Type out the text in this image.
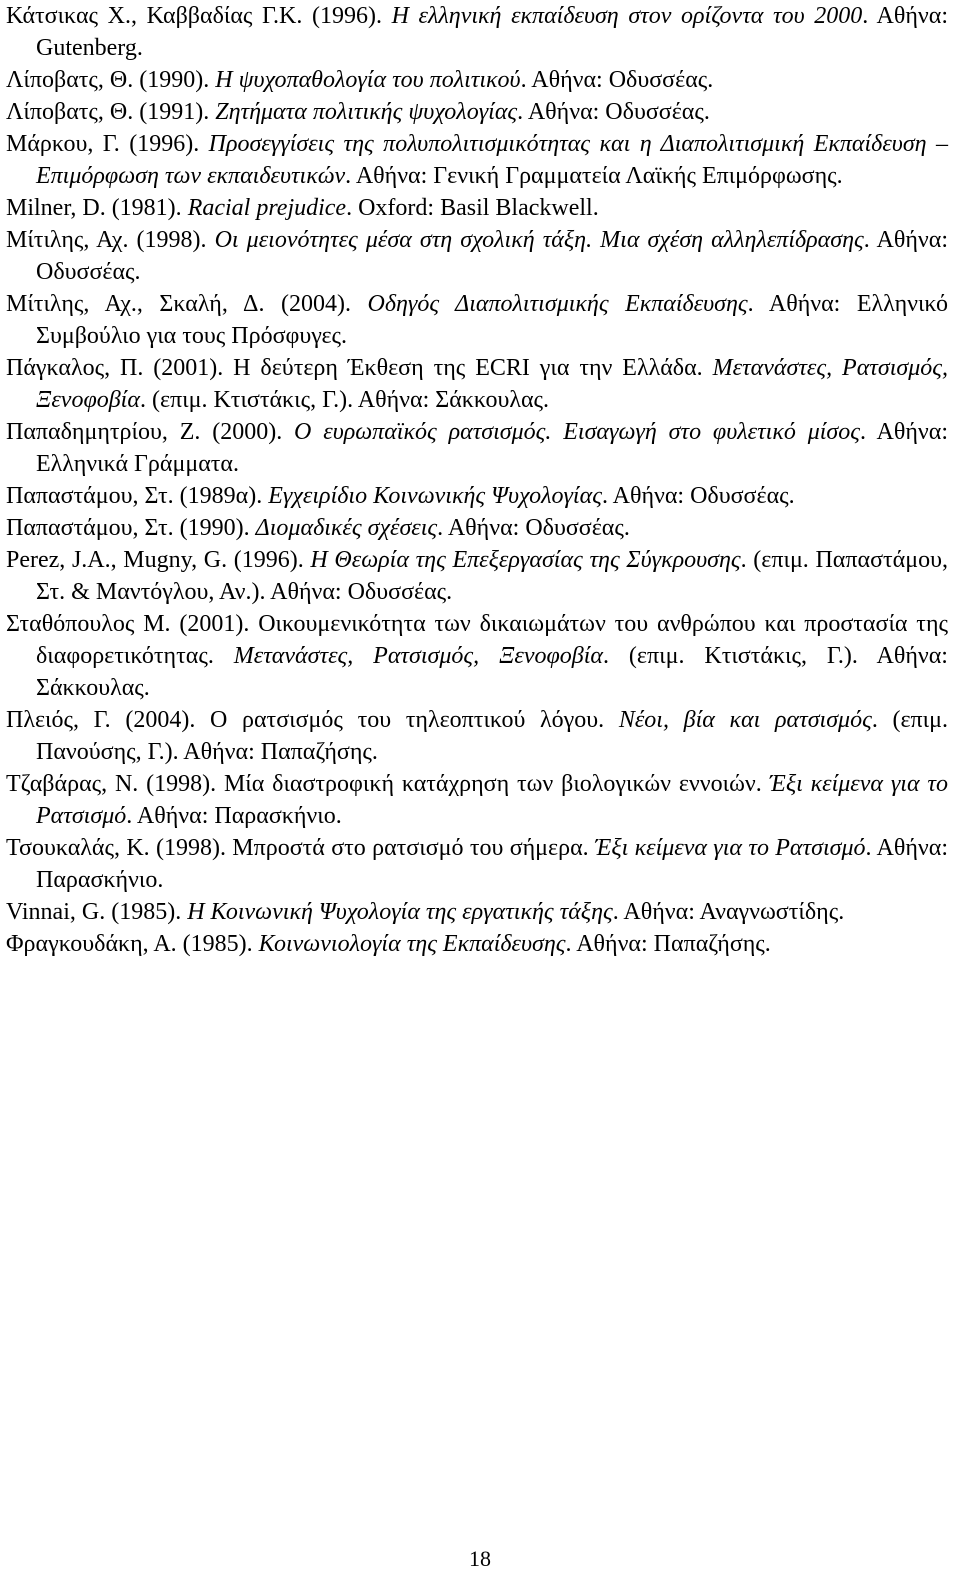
Κάτσικας Χ., Καββαδίας Γ.Κ. (1996). Η ελληνική εκπαίδευση στον ορίζοντα του 2000. Αθήνα: Gutenberg.

Λίποβατς, Θ. (1990). Η ψυχοπαθολογία του πολιτικού. Αθήνα: Οδυσσέας.

Λίποβατς, Θ. (1991). Ζητήματα πολιτικής ψυχολογίας. Αθήνα: Οδυσσέας.

Μάρκου, Γ. (1996). Προσεγγίσεις της πολυπολιτισμικότητας και η Διαπολιτισμική Εκπαίδευση – Επιμόρφωση των εκπαιδευτικών. Αθήνα: Γενική Γραμματεία Λαϊκής Επιμόρφωσης.

Milner, D. (1981). Racial prejudice. Oxford: Basil Blackwell.

Μίτιλης, Αχ. (1998). Οι μειονότητες μέσα στη σχολική τάξη. Μια σχέση αλληλεπίδρασης. Αθήνα: Οδυσσέας.

Μίτιλης, Αχ., Σκαλή, Δ. (2004). Οδηγός Διαπολιτισμικής Εκπαίδευσης. Αθήνα: Ελληνικό Συμβούλιο για τους Πρόσφυγες.

Πάγκαλος, Π. (2001). Η δεύτερη Έκθεση της ECRI για την Ελλάδα. Μετανάστες, Ρατσισμός, Ξενοφοβία. (επιμ. Κτιστάκις, Γ.). Αθήνα: Σάκκουλας.

Παπαδημητρίου, Ζ. (2000). Ο ευρωπαϊκός ρατσισμός. Εισαγωγή στο φυλετικό μίσος. Αθήνα: Ελληνικά Γράμματα.

Παπαστάμου, Στ. (1989α). Εγχειρίδιο Κοινωνικής Ψυχολογίας. Αθήνα: Οδυσσέας.

Παπαστάμου, Στ. (1990). Διομαδικές σχέσεις. Αθήνα: Οδυσσέας.

Perez, J.A., Mugny, G. (1996). Η Θεωρία της Επεξεργασίας της Σύγκρουσης. (επιμ. Παπαστάμου, Στ. & Μαντόγλου, Αν.). Αθήνα: Οδυσσέας.

Σταθόπουλος Μ. (2001). Οικουμενικότητα των δικαιωμάτων του ανθρώπου και προστασία της διαφορετικότητας. Μετανάστες, Ρατσισμός, Ξενοφοβία. (επιμ. Κτιστάκις, Γ.). Αθήνα: Σάκκουλας.

Πλειός, Γ. (2004). Ο ρατσισμός του τηλεοπτικού λόγου. Νέοι, βία και ρατσισμός. (επιμ. Πανούσης, Γ.). Αθήνα: Παπαζήσης.

Τζαβάρας, Ν. (1998). Μία διαστροφική κατάχρηση των βιολογικών εννοιών. Έξι κείμενα για το Ρατσισμό. Αθήνα: Παρασκήνιο.

Τσουκαλάς, Κ. (1998). Μπροστά στο ρατσισμό του σήμερα. Έξι κείμενα για το Ρατσισμό. Αθήνα: Παρασκήνιο.

Vinnai, G. (1985). Η Κοινωνική Ψυχολογία της εργατικής τάξης. Αθήνα: Αναγνωστίδης.

Φραγκουδάκη, Α. (1985). Κοινωνιολογία της Εκπαίδευσης. Αθήνα: Παπαζήσης.

18
